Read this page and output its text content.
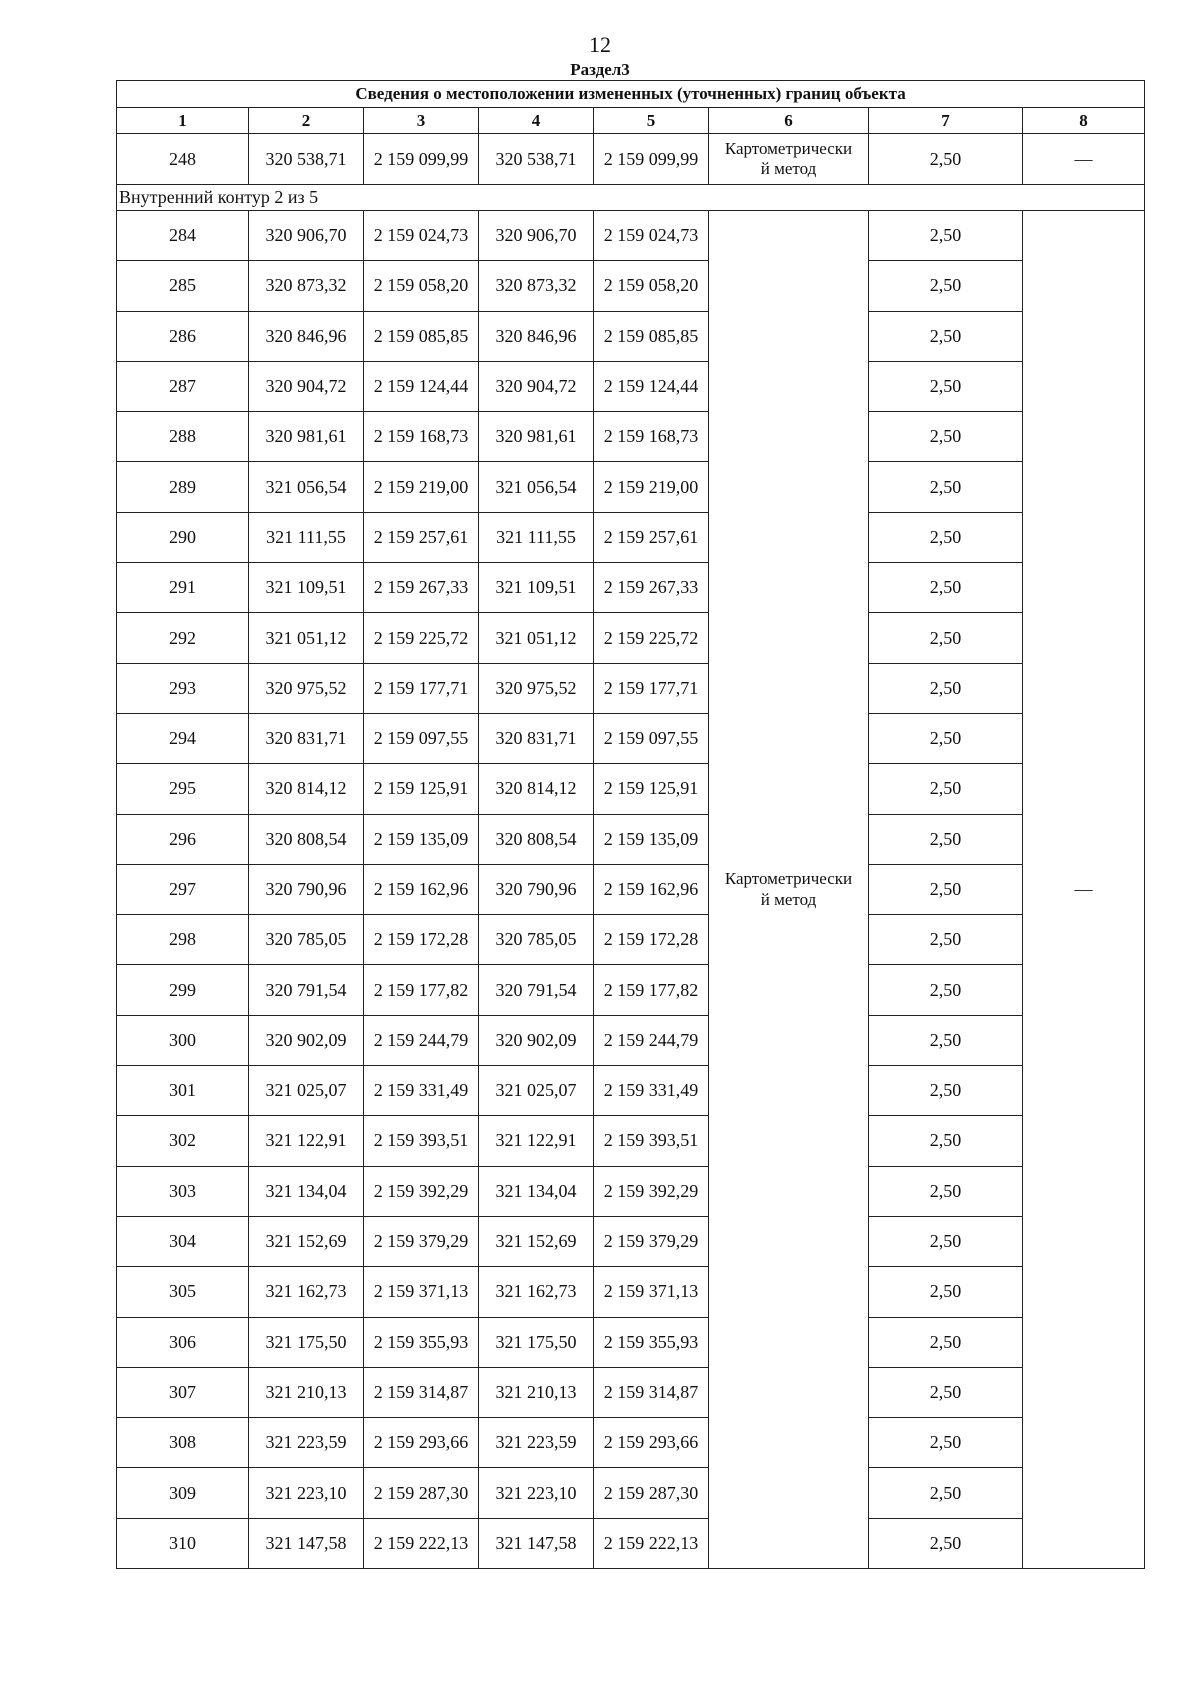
12
Раздел3
Сведения о местоположении измененных (уточненных) границ объекта							
1	2	3	4	5	6	7	8
248	320 538,71	2 159 099,99	320 538,71	2 159 099,99	Картометрически
й метод	2,50	—
Внутренний контур 2 из 5							
284	320 906,70	2 159 024,73	320 906,70	2 159 024,73	Картометрически
й метод	2,50	—
285	320 873,32	2 159 058,20	320 873,32	2 159 058,20		2,50	
286	320 846,96	2 159 085,85	320 846,96	2 159 085,85		2,50	
287	320 904,72	2 159 124,44	320 904,72	2 159 124,44		2,50	
288	320 981,61	2 159 168,73	320 981,61	2 159 168,73		2,50	
289	321 056,54	2 159 219,00	321 056,54	2 159 219,00		2,50	
290	321 111,55	2 159 257,61	321 111,55	2 159 257,61		2,50	
291	321 109,51	2 159 267,33	321 109,51	2 159 267,33		2,50	
292	321 051,12	2 159 225,72	321 051,12	2 159 225,72		2,50	
293	320 975,52	2 159 177,71	320 975,52	2 159 177,71		2,50	
294	320 831,71	2 159 097,55	320 831,71	2 159 097,55		2,50	
295	320 814,12	2 159 125,91	320 814,12	2 159 125,91		2,50	
296	320 808,54	2 159 135,09	320 808,54	2 159 135,09		2,50	
297	320 790,96	2 159 162,96	320 790,96	2 159 162,96		2,50	
298	320 785,05	2 159 172,28	320 785,05	2 159 172,28		2,50	
299	320 791,54	2 159 177,82	320 791,54	2 159 177,82		2,50	
300	320 902,09	2 159 244,79	320 902,09	2 159 244,79		2,50	
301	321 025,07	2 159 331,49	321 025,07	2 159 331,49		2,50	
302	321 122,91	2 159 393,51	321 122,91	2 159 393,51		2,50	
303	321 134,04	2 159 392,29	321 134,04	2 159 392,29		2,50	
304	321 152,69	2 159 379,29	321 152,69	2 159 379,29		2,50	
305	321 162,73	2 159 371,13	321 162,73	2 159 371,13		2,50	
306	321 175,50	2 159 355,93	321 175,50	2 159 355,93		2,50	
307	321 210,13	2 159 314,87	321 210,13	2 159 314,87		2,50	
308	321 223,59	2 159 293,66	321 223,59	2 159 293,66		2,50	
309	321 223,10	2 159 287,30	321 223,10	2 159 287,30		2,50	
310	321 147,58	2 159 222,13	321 147,58	2 159 222,13		2,50	
